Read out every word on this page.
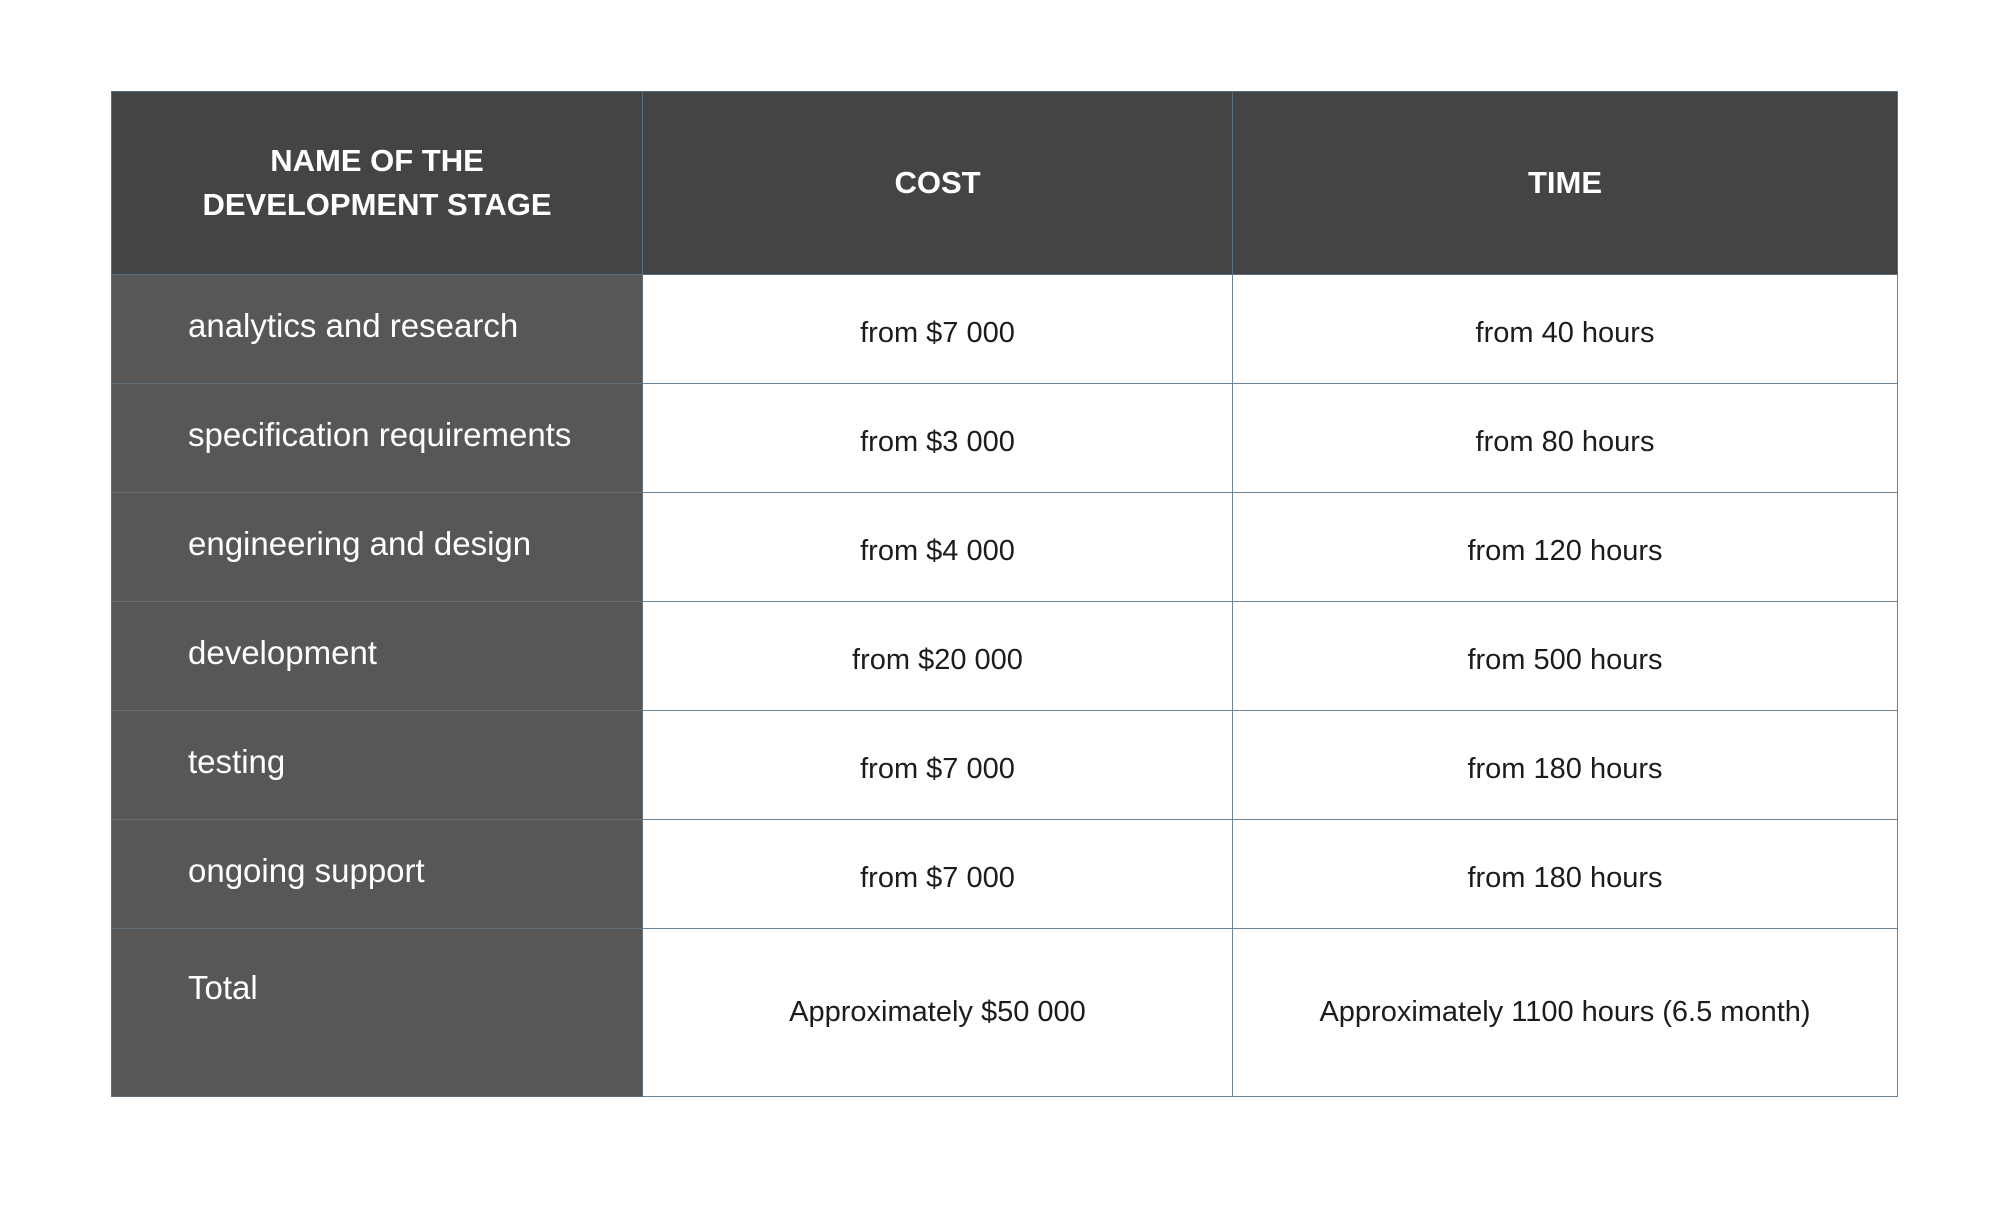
NAME OF THE
DEVELOPMENT STAGE	COST	TIME

analytics and research	from $7 000	from 40 hours

specification requirements	from $3 000	from 80 hours

engineering and design	from $4 000	from 120 hours

development	from $20 000	from 500 hours

testing	from $7 000	from 180 hours

ongoing support	from $7 000	from 180 hours

Total	Approximately $50 000	Approximately 1100 hours (6.5 month)
